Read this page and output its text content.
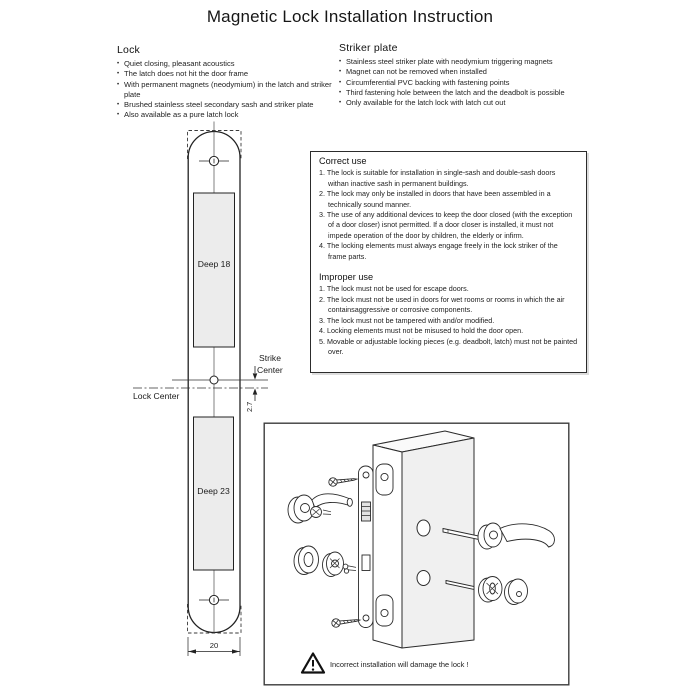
Magnetic Lock Installation Instruction
Lock
• Quiet closing, pleasant acoustics
• The latch does not hit the door frame
• With permanent magnets (neodymium) in the latch and striker plate
• Brushed stainless steel secondary sash and striker plate
• Also available as a pure latch lock
Striker plate
• Stainless steel striker plate with neodymium triggering magnets
• Magnet can not be removed when installed
• Circumferential PVC backing with fastening points
• Third fastening hole between the latch and the deadbolt is possible
• Only available for the latch lock with latch cut out
Correct use
1. The lock is suitable for installation in single-sash and double-sash doors withan inactive sash in permanent buildings.
2. The lock may only be installed in doors that have been assembled in a technically sound manner.
3. The use of any additional devices to keep the door closed (with the exception of a door closer) isnot permitted. If a door closer is installed, it must not impede operation of the door by children, the elderly or infirm.
4. The locking elements must always engage freely in the lock striker of the frame parts.
Improper use
1. The lock must not be used for escape doors.
2. The lock must not be used in doors for wet rooms or rooms in which the air containsaggressive or corrosive components.
3. The lock must not be tampered with and/or modified.
4. Locking elements must not be misused to hold the door open.
5. Movable or adjustable locking pieces (e.g. deadbolt, latch) must not be painted over.
Deep 18
Lock Center
Strike
Center
2.7
Deep 23
20
Incorrect installation will damage the lock !
